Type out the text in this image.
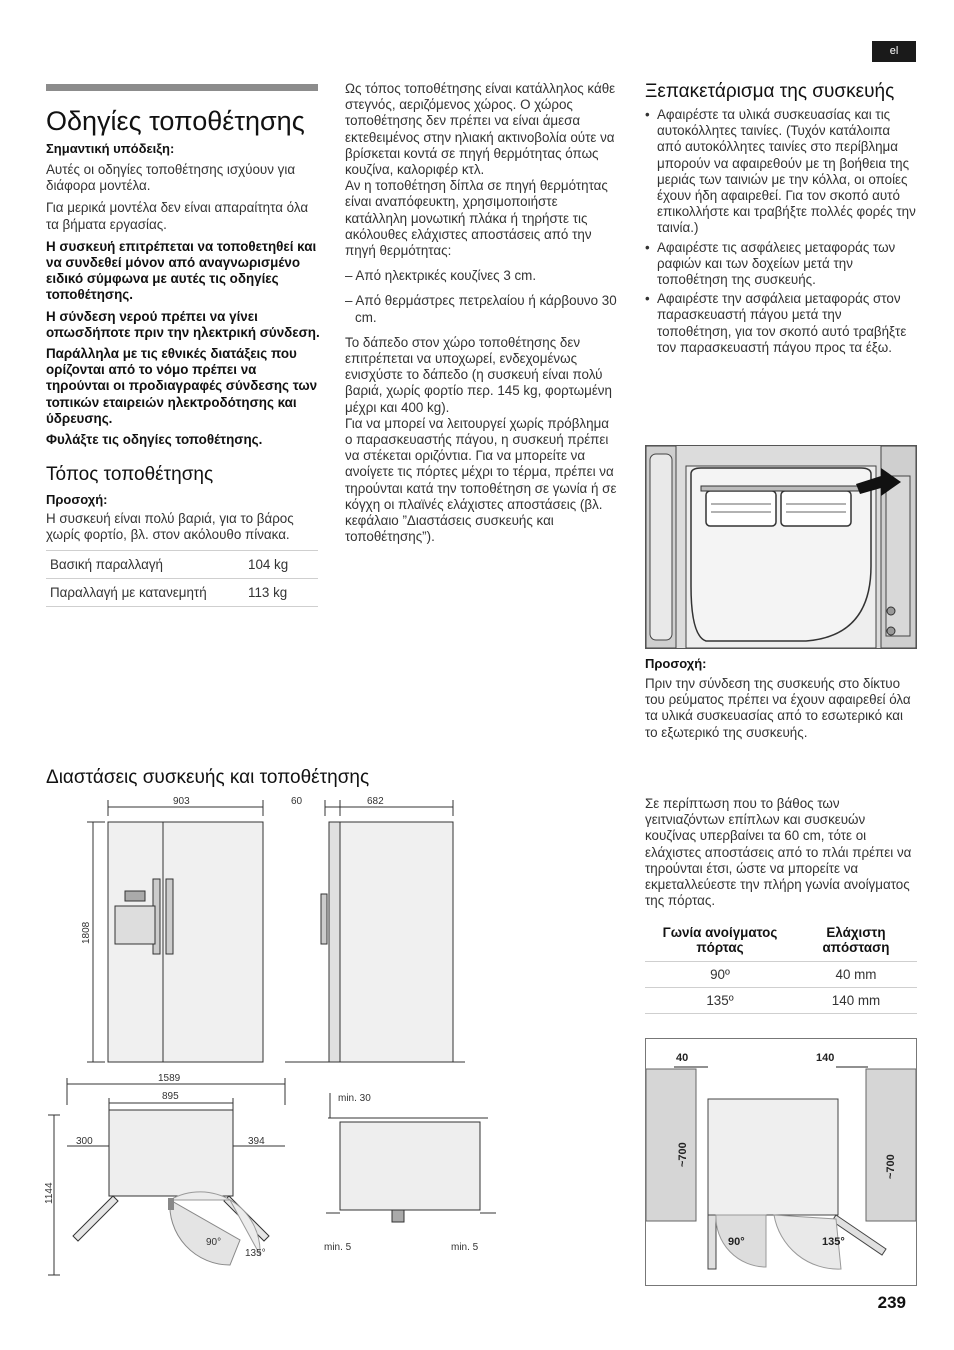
el
Οδηγίες τοποθέτησης

Σημαντική υπόδειξη:

Αυτές οι οδηγίες τοποθέτησης ισχύουν για διάφορα μοντέλα.

Για μερικά μοντέλα δεν είναι απαραίτητα όλα τα βήματα εργασίας.

Η συσκευή επιτρέπεται να τοποθετηθεί και να συνδεθεί μόνον από αναγνωρισμένο ειδικό σύμφωνα με αυτές τις οδηγίες τοποθέτησης.

Η σύνδεση νερού πρέπει να γίνει οπωσδήποτε πριν την ηλεκτρική σύνδεση.

Παράλληλα με τις εθνικές διατάξεις που ορίζονται από το νόμο πρέπει να τηρούνται οι προδιαγραφές σύνδεσης των τοπικών εταιρειών ηλεκτροδότησης και ύδρευσης.

Φυλάξτε τις οδηγίες τοποθέτησης.

Τόπος τοποθέτησης

Προσοχή:

Η συσκευή είναι πολύ βαριά, για το βάρος χωρίς φορτίο, βλ. στον ακόλουθο πίνακα.

Βασική παραλλαγή	104 kg
Παραλλαγή με κατανεμητή	113 kg

Ως τόπος τοποθέτησης είναι κατάλληλος κάθε στεγνός, αεριζόμενος χώρος. Ο χώρος τοποθέτησης δεν πρέπει να είναι άμεσα εκτεθειμένος στην ηλιακή ακτινοβολία ούτε να βρίσκεται κοντά σε πηγή θερμότητας όπως κουζίνα, καλοριφέρ κτλ.

Αν η τοποθέτηση δίπλα σε πηγή θερμότητας είναι αναπόφευκτη, χρησιμοποιήστε κατάλληλη μονωτική πλάκα ή τηρήστε τις ακόλουθες ελάχιστες αποστάσεις από την πηγή θερμότητας:

– Από ηλεκτρικές κουζίνες 3 cm.

– Από θερμάστρες πετρελαίου ή κάρβουνο 30 cm.

Το δάπεδο στον χώρο τοποθέτησης δεν επιτρέπεται να υποχωρεί, ενδεχομένως ενισχύστε το δάπεδο (η συσκευή είναι πολύ βαριά, χωρίς φορτίο περ. 145 kg, φορτωμένη μέχρι και 400 kg).

Για να μπορεί να λειτουργεί χωρίς πρόβλημα ο παρασκευαστής πάγου, η συσκευή πρέπει να στέκεται οριζόντια. Για να μπορείτε να ανοίγετε τις πόρτες μέχρι το τέρμα, πρέπει να τηρούνται κατά την τοποθέτηση σε γωνία ή σε κόγχη οι πλαϊνές ελάχιστες αποστάσεις (βλ. κεφάλαιο ”Διαστάσεις συσκευής και τοποθέτησης”).

Ξεπακετάρισμα της συσκευής
• Αφαιρέστε τα υλικά συσκευασίας και τις αυτοκόλλητες ταινίες. (Τυχόν κατάλοιπα από αυτοκόλλητες ταινίες στο περίβλημα μπορούν να αφαιρεθούν με τη βοήθεια της μεριάς των ταινιών με την κόλλα, οι οποίες έχουν ήδη αφαιρεθεί. Για τον σκοπό αυτό επικολλήστε και τραβήξτε πολλές φορές την ταινία.)
• Αφαιρέστε τις ασφάλειες μεταφοράς των ραφιών και των δοχείων μετά την τοποθέτηση της συσκευής.
• Αφαιρέστε την ασφάλεια μεταφοράς στον παρασκευαστή πάγου μετά την τοποθέτηση, για τον σκοπό αυτό τραβήξτε τον παρασκευαστή πάγου προς τα έξω.

Προσοχή:

Πριν την σύνδεση της συσκευής στο δίκτυο του ρεύματος πρέπει να έχουν αφαιρεθεί όλα τα υλικά συσκευασίας από το εσωτερικό και το εξωτερικό της συσκευής.

Σε περίπτωση που το βάθος των γειτνιαζόντων επίπλων και συσκευών κουζίνας υπερβαίνει τα 60 cm, τότε οι ελάχιστες αποστάσεις από το πλάι πρέπει να τηρούνται έτσι, ώστε να μπορείτε να εκμεταλλεύεστε την πλήρη γωνία ανοίγματος της πόρτας.

Γωνία ανοίγματος πόρτας	Ελάχιστη απόσταση
90º	40 mm
135º	140 mm
Διαστάσεις συσκευής και τοποθέτησης
903
1808
60	682
1589
895
1144
300	394
90°
135°
min. 30
min. 5	min. 5
40	140
~700	~700
90°	135°
239
